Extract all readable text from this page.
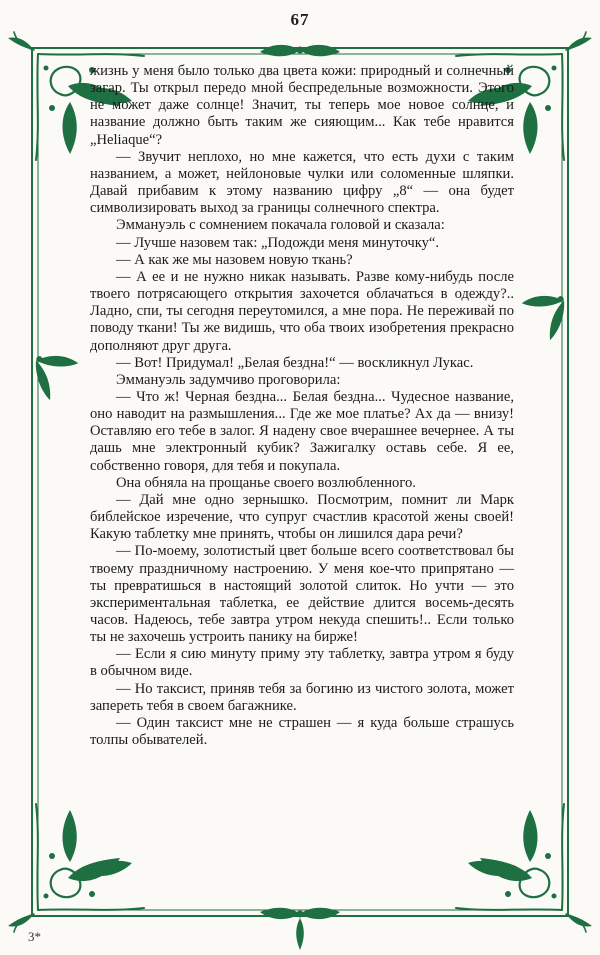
67

жизнь у меня было только два цвета кожи: природный и солнечный загар. Ты открыл передо мной беспредельные возможности. Этого не может даже солнце! Значит, ты теперь мое новое солнце, и название должно быть таким же сияющим... Как тебе нравится „Heliaque“?

— Звучит неплохо, но мне кажется, что есть духи с таким названием, а может, нейлоновые чулки или соломенные шляпки. Давай прибавим к этому названию цифру „8“ — она будет символизировать выход за границы солнечного спектра.

Эммануэль с сомнением покачала головой и сказала:

— Лучше назовем так: „Подожди меня минуточку“.

— А как же мы назовем новую ткань?

— А ее и не нужно никак называть. Разве кому-нибудь после твоего потрясающего открытия захочется облачаться в одежду?.. Ладно, спи, ты сегодня переутомился, а мне пора. Не переживай по поводу ткани! Ты же видишь, что оба твоих изобретения прекрасно дополняют друг друга.

— Вот! Придумал! „Белая бездна!“ — воскликнул Лукас.

Эммануэль задумчиво проговорила:

— Что ж! Черная бездна... Белая бездна... Чудесное название, оно наводит на размышления... Где же мое платье? Ах да — внизу! Оставляю его тебе в залог. Я надену свое вчерашнее вечернее. А ты дашь мне электронный кубик? Зажигалку оставь себе. Я ее, собственно говоря, для тебя и покупала.

Она обняла на прощанье своего возлюбленного.

— Дай мне одно зернышко. Посмотрим, помнит ли Марк библейское изречение, что супруг счастлив красотой жены своей! Какую таблетку мне принять, чтобы он лишился дара речи?

— По-моему, золотистый цвет больше всего соответствовал бы твоему праздничному настроению. У меня кое-что припрятано — ты превратишься в настоящий золотой слиток. Но учти — это экспериментальная таблетка, ее действие длится восемь-десять часов. Надеюсь, тебе завтра утром некуда спешить!.. Если только ты не захочешь устроить панику на бирже!

— Если я сию минуту приму эту таблетку, завтра утром я буду в обычном виде.

— Но таксист, приняв тебя за богиню из чистого золота, может запереть тебя в своем багажнике.

— Один таксист мне не страшен — я куда больше страшусь толпы обывателей.

3*
